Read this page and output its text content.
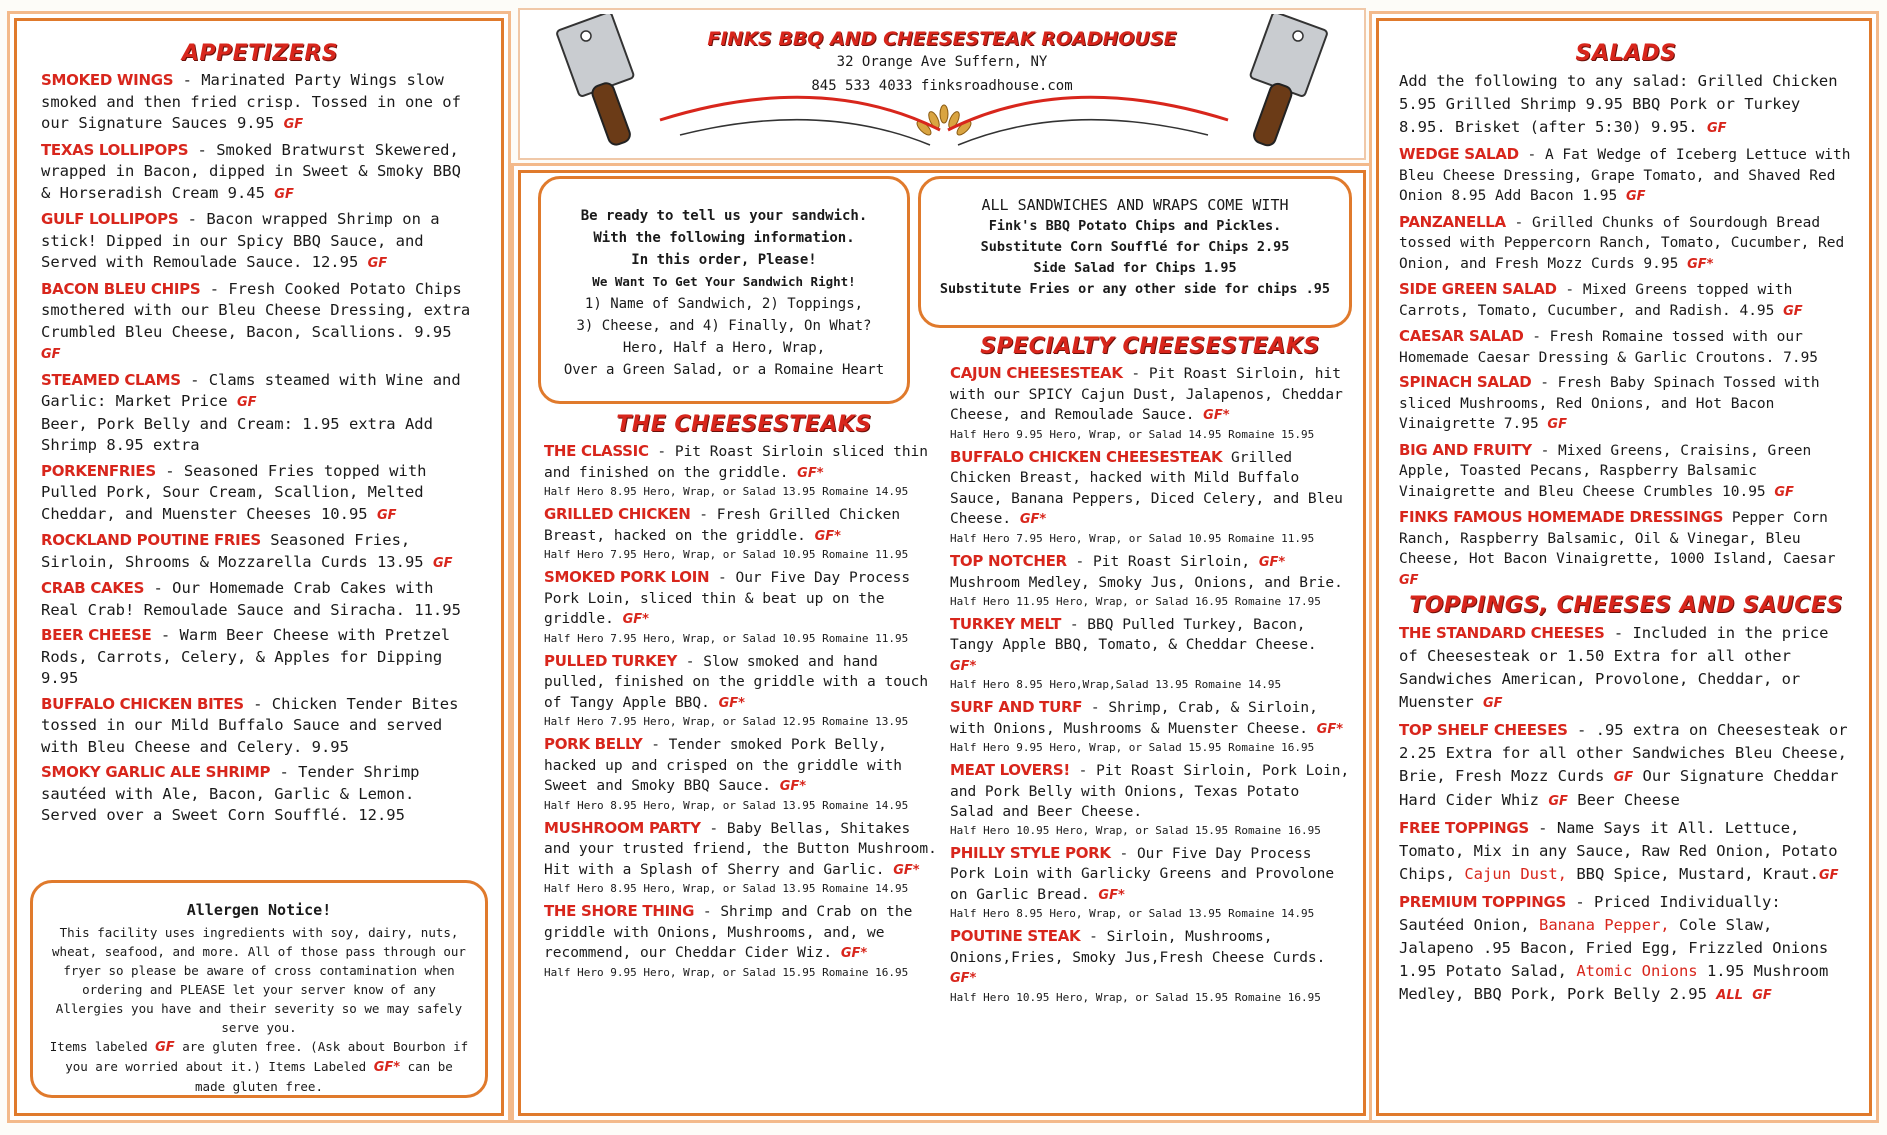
APPETIZERS
SMOKED WINGS - Marinated Party Wings slow smoked and then fried crisp. Tossed in one of our Signature Sauces 9.95 GF
TEXAS LOLLIPOPS - Smoked Bratwurst Skewered, wrapped in Bacon, dipped in Sweet & Smoky BBQ & Horseradish Cream 9.45 GF
GULF LOLLIPOPS - Bacon wrapped Shrimp on a stick! Dipped in our Spicy BBQ Sauce, and Served with Remoulade Sauce. 12.95 GF
BACON BLEU CHIPS - Fresh Cooked Potato Chips smothered with our Bleu Cheese Dressing, extra Crumbled Bleu Cheese, Bacon, Scallions. 9.95 GF
STEAMED CLAMS - Clams steamed with Wine and Garlic: Market Price GF
Beer, Pork Belly and Cream: 1.95 extra Add Shrimp 8.95 extra
PORKENFRIES - Seasoned Fries topped with Pulled Pork, Sour Cream, Scallion, Melted Cheddar, and Muenster Cheeses 10.95 GF
ROCKLAND POUTINE FRIES Seasoned Fries, Sirloin, Shrooms & Mozzarella Curds 13.95 GF
CRAB CAKES - Our Homemade Crab Cakes with Real Crab! Remoulade Sauce and Siracha. 11.95
BEER CHEESE - Warm Beer Cheese with Pretzel Rods, Carrots, Celery, & Apples for Dipping 9.95
BUFFALO CHICKEN BITES - Chicken Tender Bites tossed in our Mild Buffalo Sauce and served with Bleu Cheese and Celery. 9.95
SMOKY GARLIC ALE SHRIMP - Tender Shrimp sautéed with Ale, Bacon, Garlic & Lemon. Served over a Sweet Corn Soufflé. 12.95
Allergen Notice!
This facility uses ingredients with soy, dairy, nuts, wheat, seafood, and more. All of those pass through our fryer so please be aware of cross contamination when ordering and PLEASE let your server know of any Allergies you have and their severity so we may safely serve you.
Items labeled GF are gluten free. (Ask about Bourbon if you are worried about it.) Items Labeled GF* can be made gluten free.
FINKS BBQ AND CHEESESTEAK ROADHOUSE
32 Orange Ave Suffern, NY
845 533 4033 finksroadhouse.com
Be ready to tell us your sandwich.
With the following information.
In this order, Please!
We Want To Get Your Sandwich Right!
1) Name of Sandwich, 2) Toppings,
3) Cheese, and 4) Finally, On What?
Hero, Half a Hero, Wrap,
Over a Green Salad, or a Romaine Heart
ALL SANDWICHES AND WRAPS COME WITH
Fink's BBQ Potato Chips and Pickles.
Substitute Corn Soufflé for Chips 2.95
Side Salad for Chips 1.95
Substitute Fries or any other side for chips .95
THE CHEESESTEAKS
THE CLASSIC - Pit Roast Sirloin sliced thin and finished on the griddle. GF*
Half Hero 8.95 Hero, Wrap, or Salad 13.95 Romaine 14.95
GRILLED CHICKEN - Fresh Grilled Chicken Breast, hacked on the griddle. GF*
Half Hero 7.95 Hero, Wrap, or Salad 10.95 Romaine 11.95
SMOKED PORK LOIN - Our Five Day Process Pork Loin, sliced thin & beat up on the griddle. GF*
Half Hero 7.95 Hero, Wrap, or Salad 10.95 Romaine 11.95
PULLED TURKEY - Slow smoked and hand pulled, finished on the griddle with a touch of Tangy Apple BBQ. GF*
Half Hero 7.95 Hero, Wrap, or Salad 12.95 Romaine 13.95
PORK BELLY - Tender smoked Pork Belly, hacked up and crisped on the griddle with Sweet and Smoky BBQ Sauce. GF*
Half Hero 8.95 Hero, Wrap, or Salad 13.95 Romaine 14.95
MUSHROOM PARTY - Baby Bellas, Shitakes and your trusted friend, the Button Mushroom. Hit with a Splash of Sherry and Garlic. GF*
Half Hero 8.95 Hero, Wrap, or Salad 13.95 Romaine 14.95
THE SHORE THING - Shrimp and Crab on the griddle with Onions, Mushrooms, and, we recommend, our Cheddar Cider Wiz. GF*
Half Hero 9.95 Hero, Wrap, or Salad 15.95 Romaine 16.95
SPECIALTY CHEESESTEAKS
CAJUN CHEESESTEAK - Pit Roast Sirloin, hit with our SPICY Cajun Dust, Jalapenos, Cheddar Cheese, and Remoulade Sauce. GF*
Half Hero 9.95 Hero, Wrap, or Salad 14.95 Romaine 15.95
BUFFALO CHICKEN CHEESESTEAK Grilled Chicken Breast, hacked with Mild Buffalo Sauce, Banana Peppers, Diced Celery, and Bleu Cheese. GF*
Half Hero 7.95 Hero, Wrap, or Salad 10.95 Romaine 11.95
TOP NOTCHER - Pit Roast Sirloin, GF* Mushroom Medley, Smoky Jus, Onions, and Brie.
Half Hero 11.95 Hero, Wrap, or Salad 16.95 Romaine 17.95
TURKEY MELT - BBQ Pulled Turkey, Bacon, Tangy Apple BBQ, Tomato, & Cheddar Cheese. GF*
Half Hero 8.95 Hero,Wrap,Salad 13.95 Romaine 14.95
SURF AND TURF - Shrimp, Crab, & Sirloin, with Onions, Mushrooms & Muenster Cheese. GF*
Half Hero 9.95 Hero, Wrap, or Salad 15.95 Romaine 16.95
MEAT LOVERS! - Pit Roast Sirloin, Pork Loin, and Pork Belly with Onions, Texas Potato Salad and Beer Cheese.
Half Hero 10.95 Hero, Wrap, or Salad 15.95 Romaine 16.95
PHILLY STYLE PORK - Our Five Day Process Pork Loin with Garlicky Greens and Provolone on Garlic Bread. GF*
Half Hero 8.95 Hero, Wrap, or Salad 13.95 Romaine 14.95
POUTINE STEAK - Sirloin, Mushrooms, Onions,Fries, Smoky Jus,Fresh Cheese Curds. GF*
Half Hero 10.95 Hero, Wrap, or Salad 15.95 Romaine 16.95
SALADS
Add the following to any salad: Grilled Chicken 5.95 Grilled Shrimp 9.95 BBQ Pork or Turkey 8.95. Brisket (after 5:30) 9.95. GF
WEDGE SALAD - A Fat Wedge of Iceberg Lettuce with Bleu Cheese Dressing, Grape Tomato, and Shaved Red Onion 8.95 Add Bacon 1.95 GF
PANZANELLA - Grilled Chunks of Sourdough Bread tossed with Peppercorn Ranch, Tomato, Cucumber, Red Onion, and Fresh Mozz Curds 9.95 GF*
SIDE GREEN SALAD - Mixed Greens topped with Carrots, Tomato, Cucumber, and Radish. 4.95 GF
CAESAR SALAD - Fresh Romaine tossed with our Homemade Caesar Dressing & Garlic Croutons. 7.95
SPINACH SALAD - Fresh Baby Spinach Tossed with sliced Mushrooms, Red Onions, and Hot Bacon Vinaigrette 7.95 GF
BIG AND FRUITY - Mixed Greens, Craisins, Green Apple, Toasted Pecans, Raspberry Balsamic Vinaigrette and Bleu Cheese Crumbles 10.95 GF
FINKS FAMOUS HOMEMADE DRESSINGS Pepper Corn Ranch, Raspberry Balsamic, Oil & Vinegar, Bleu Cheese, Hot Bacon Vinaigrette, 1000 Island, Caesar GF
TOPPINGS, CHEESES AND SAUCES
THE STANDARD CHEESES - Included in the price of Cheesesteak or 1.50 Extra for all other Sandwiches American, Provolone, Cheddar, or Muenster GF
TOP SHELF CHEESES - .95 extra on Cheesesteak or 2.25 Extra for all other Sandwiches Bleu Cheese, Brie, Fresh Mozz Curds GF Our Signature Cheddar Hard Cider Whiz GF Beer Cheese
FREE TOPPINGS - Name Says it All. Lettuce, Tomato, Mix in any Sauce, Raw Red Onion, Potato Chips, Cajun Dust, BBQ Spice, Mustard, Kraut.GF
PREMIUM TOPPINGS - Priced Individually: Sautéed Onion, Banana Pepper, Cole Slaw, Jalapeno .95 Bacon, Fried Egg, Frizzled Onions 1.95 Potato Salad, Atomic Onions 1.95 Mushroom Medley, BBQ Pork, Pork Belly 2.95 ALL GF
